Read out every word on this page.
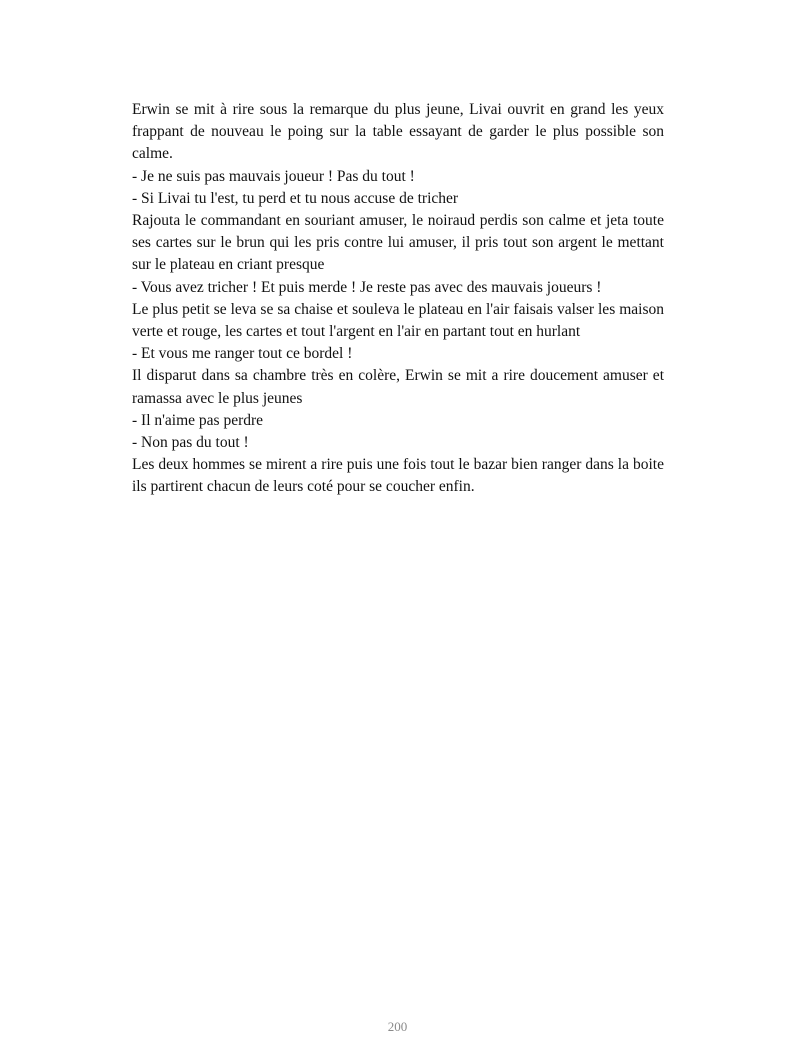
Erwin se mit à rire sous la remarque du plus jeune, Livai ouvrit en grand les yeux frappant de nouveau le poing sur la table essayant de garder le plus possible son calme.

- Je ne suis pas mauvais joueur ! Pas du tout !

- Si Livai tu l'est, tu perd et tu nous accuse de tricher

Rajouta le commandant en souriant amuser, le noiraud perdis son calme et jeta toute ses cartes sur le brun qui les pris contre lui amuser, il pris tout son argent le mettant sur le plateau en criant presque

- Vous avez tricher ! Et puis merde ! Je reste pas avec des mauvais joueurs !

Le plus petit se leva se sa chaise et souleva le plateau en l'air faisais valser les maison verte et rouge, les cartes et tout l'argent en l'air en partant tout en hurlant

- Et vous me ranger tout ce bordel !

Il disparut dans sa chambre très en colère, Erwin se mit a rire doucement amuser et ramassa avec le plus jeunes

- Il n'aime pas perdre

- Non pas du tout !

Les deux hommes se mirent a rire puis une fois tout le bazar bien ranger dans la boite ils partirent chacun de leurs coté pour se coucher enfin.

200
